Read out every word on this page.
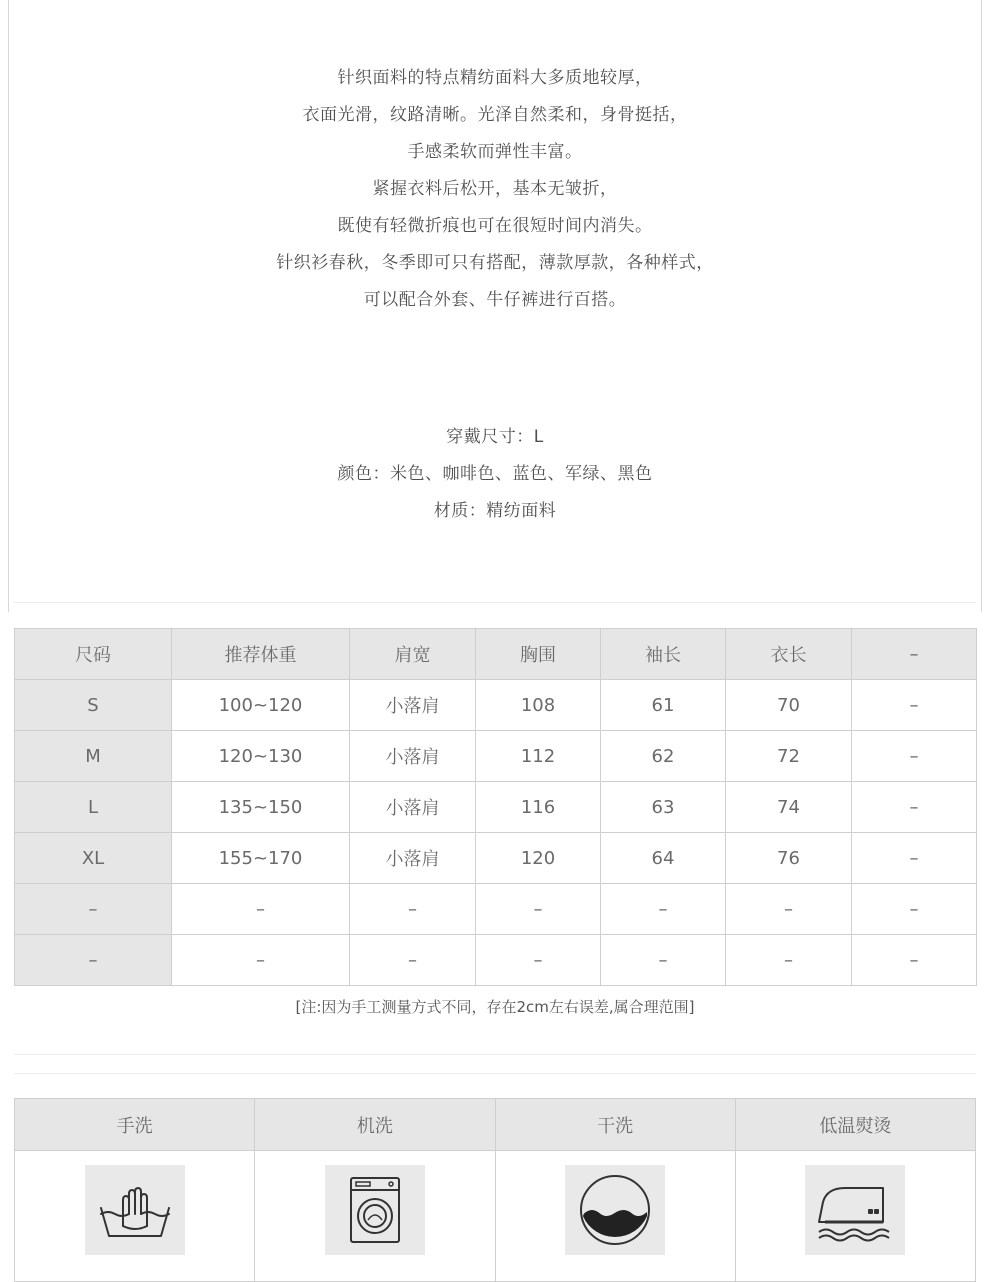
针织面料的特点精纺面料大多质地较厚，
衣面光滑，纹路清晰。光泽自然柔和，身骨挺括，
手感柔软而弹性丰富。
紧握衣料后松开，基本无皱折，
既使有轻微折痕也可在很短时间内消失。
针织衫春秋，冬季即可只有搭配，薄款厚款，各种样式，
可以配合外套、牛仔裤进行百搭。
穿戴尺寸：L
颜色：米色、咖啡色、蓝色、军绿、黑色
材质：精纺面料
尺码	推荐体重	肩宽	胸围	袖长	衣长	–
S	100~120	小落肩	108	61	70	–
M	120~130	小落肩	112	62	72	–
L	135~150	小落肩	116	63	74	–
XL	155~170	小落肩	120	64	76	–
–	–	–	–	–	–	–
–	–	–	–	–	–	–
[注:因为手工测量方式不同，存在2cm左右误差,属合理范围]
手洗	机洗	干洗	低温熨烫
